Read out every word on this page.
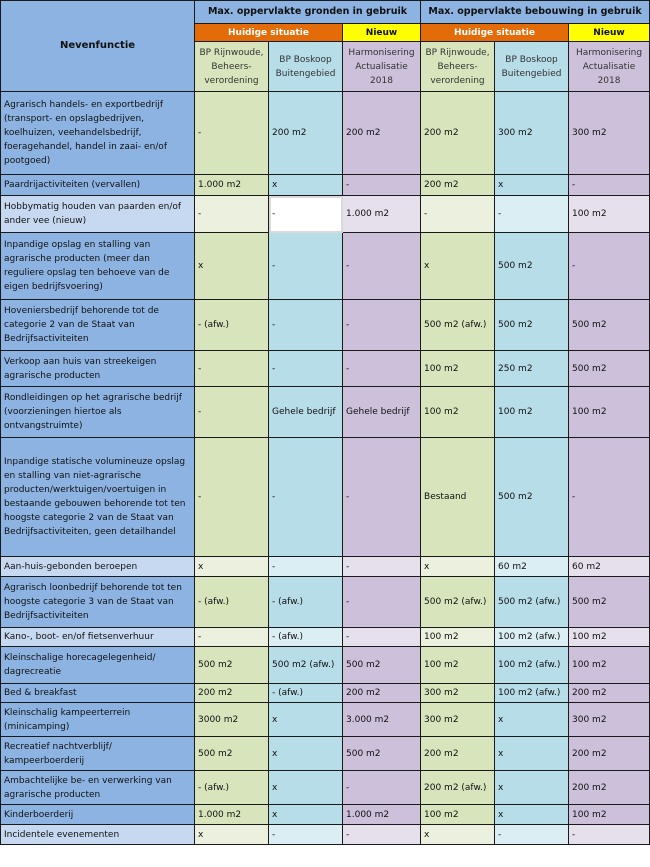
Nevenfunctie	Max. oppervlakte gronden in gebruik			Max. oppervlakte bebouwing in gebruik		
	Huidige situatie		Nieuw	Huidige situatie		Nieuw
	BP Rijnwoude, Beheers-verordening	BP Boskoop Buitengebied	Harmonisering Actualisatie 2018	BP Rijnwoude, Beheers-verordening	BP Boskoop Buitengebied	Harmonisering Actualisatie 2018
Agrarisch handels- en exportbedrijf (transport- en opslagbedrijven, koelhuizen, veehandelsbedrijf, foeragehandel, handel in zaai- en/of pootgoed)	-	200 m2	200 m2	200 m2	300 m2	300 m2
Paardrijactiviteiten (vervallen)	1.000 m2	x	-	200 m2	x	-
Hobbymatig houden van paarden en/of ander vee (nieuw)	-	-	1.000 m2	-	-	100 m2
Inpandige opslag en stalling van agrarische producten (meer dan reguliere opslag ten behoeve van de eigen bedrijfsvoering)	x	-	-	x	500 m2	-
Hoveniersbedrijf behorende tot de categorie 2 van de Staat van Bedrijfsactiviteiten	- (afw.)	-	-	500 m2 (afw.)	500 m2	500 m2
Verkoop aan huis van streekeigen agrarische producten	-	-	-	100 m2	250 m2	500 m2
Rondleidingen op het agrarische bedrijf (voorzieningen hiertoe als ontvangstruimte)	-	Gehele bedrijf	Gehele bedrijf	100 m2	100 m2	100 m2
Inpandige statische volumineuze opslag en stalling van niet-agrarische producten/werktuigen/voertuigen in bestaande gebouwen behorende tot ten hoogste categorie 2 van de Staat van Bedrijfsactiviteiten, geen detailhandel	-	-	-	Bestaand	500 m2	-
Aan-huis-gebonden beroepen	x	-	-	x	60 m2	60 m2
Agrarisch loonbedrijf behorende tot ten hoogste categorie 3 van de Staat van Bedrijfsactiviteiten	- (afw.)	- (afw.)	-	500 m2 (afw.)	500 m2 (afw.)	500 m2
Kano-, boot- en/of fietsenverhuur	-	- (afw.)	-	100 m2	100 m2 (afw.)	100 m2
Kleinschalige horecagelegenheid/ dagrecreatie	500 m2	500 m2 (afw.)	500 m2	100 m2	100 m2 (afw.)	100 m2
Bed & breakfast	200 m2	- (afw.)	200 m2	300 m2	100 m2 (afw.)	200 m2
Kleinschalig kampeerterrein (minicamping)	3000 m2	x	3.000 m2	300 m2	x	300 m2
Recreatief nachtverblijf/ kampeerboerderij	500 m2	x	500 m2	200 m2	x	200 m2
Ambachtelijke be- en verwerking van agrarische producten	- (afw.)	x	-	200 m2 (afw.)	x	200 m2
Kinderboerderij	1.000 m2	x	1.000 m2	100 m2	x	100 m2
Incidentele evenementen	x	-	-	x	-	-
